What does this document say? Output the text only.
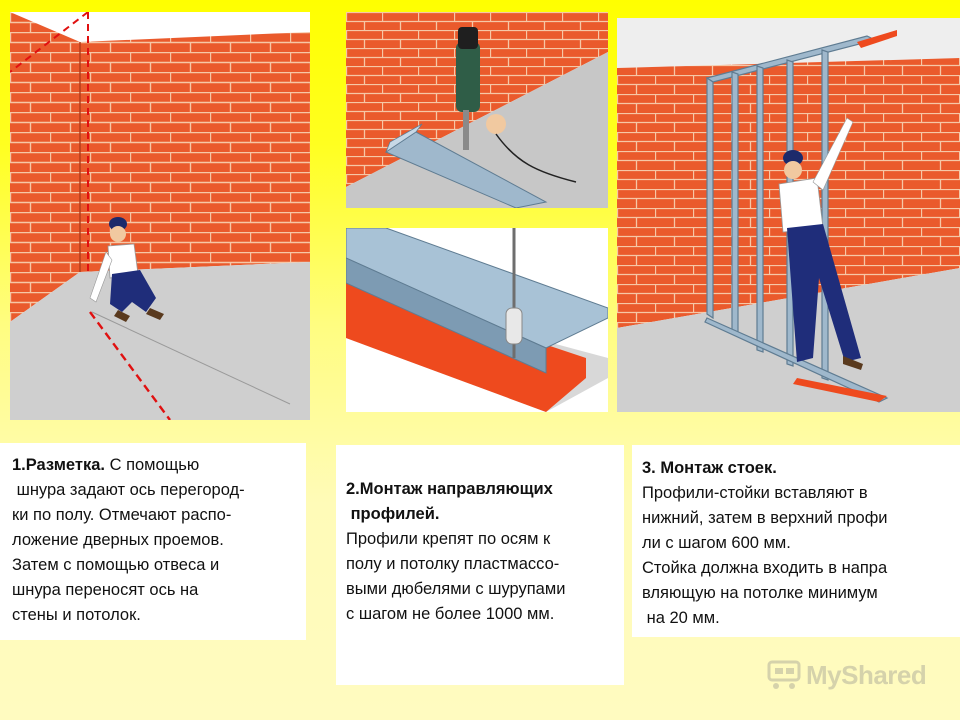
1.Разметка. С помощью
шнура задают ось перегород-
ки по полу. Отмечают распо-
ложение дверных проемов.
Затем с помощью отвеса и
шнура переносят ось на
стены и потолок.
2.Монтаж направляющих
профилей.
Профили крепят по осям к
полу и потолку пластмассо-
выми дюбелями с шурупами
с шагом не более 1000 мм.
3. Монтаж стоек.
Профили-стойки вставляют в
нижний, затем в верхний профи
ли с шагом 600 мм.
Стойка должна входить в напра
вляющую на потолке минимум
на 20 мм.
MyShared
